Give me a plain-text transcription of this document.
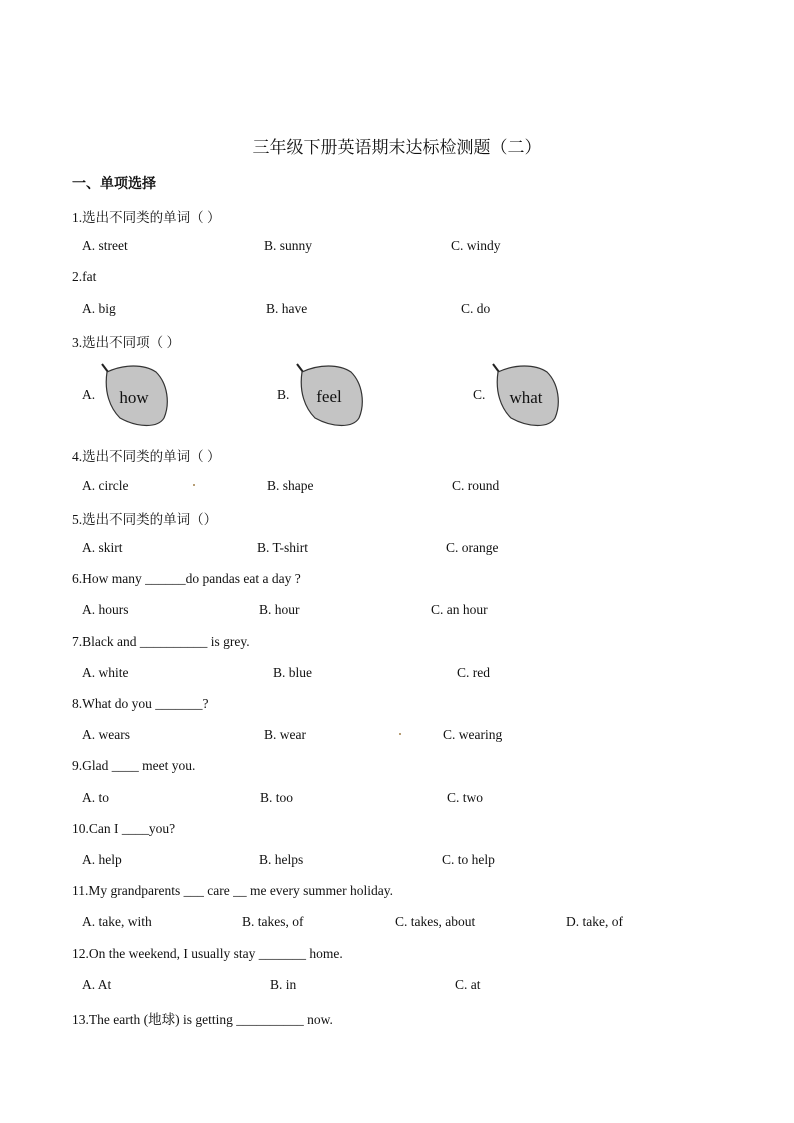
三年级下册英语期末达标检测题（二）
一、单项选择
1.选出不同类的单词（ ）
A. street	B. sunny	C. windy
2.fat
A. big	B. have	C. do
3.选出不同项（ ）
A. how	B. feel	C. what
4.选出不同类的单词（ ）
A. circle	B. shape	C. round
5.选出不同类的单词（）
A. skirt	B. T-shirt	C. orange
6.How many ______do pandas eat a day ?
A. hours	B. hour	C. an hour
7.Black and __________ is grey.
A. white	B. blue	C. red
8.What do you _______?
A. wears	B. wear	C. wearing
9.Glad ____ meet you.
A. to	B. too	C. two
10.Can I ____you?
A. help	B. helps	C. to help
11.My grandparents ___ care __ me every summer holiday.
A. take, with	B. takes, of	C. takes, about	D. take, of
12.On the weekend, I usually stay _______ home.
A. At	B. in	C. at
13.The earth (地球) is getting __________ now.
